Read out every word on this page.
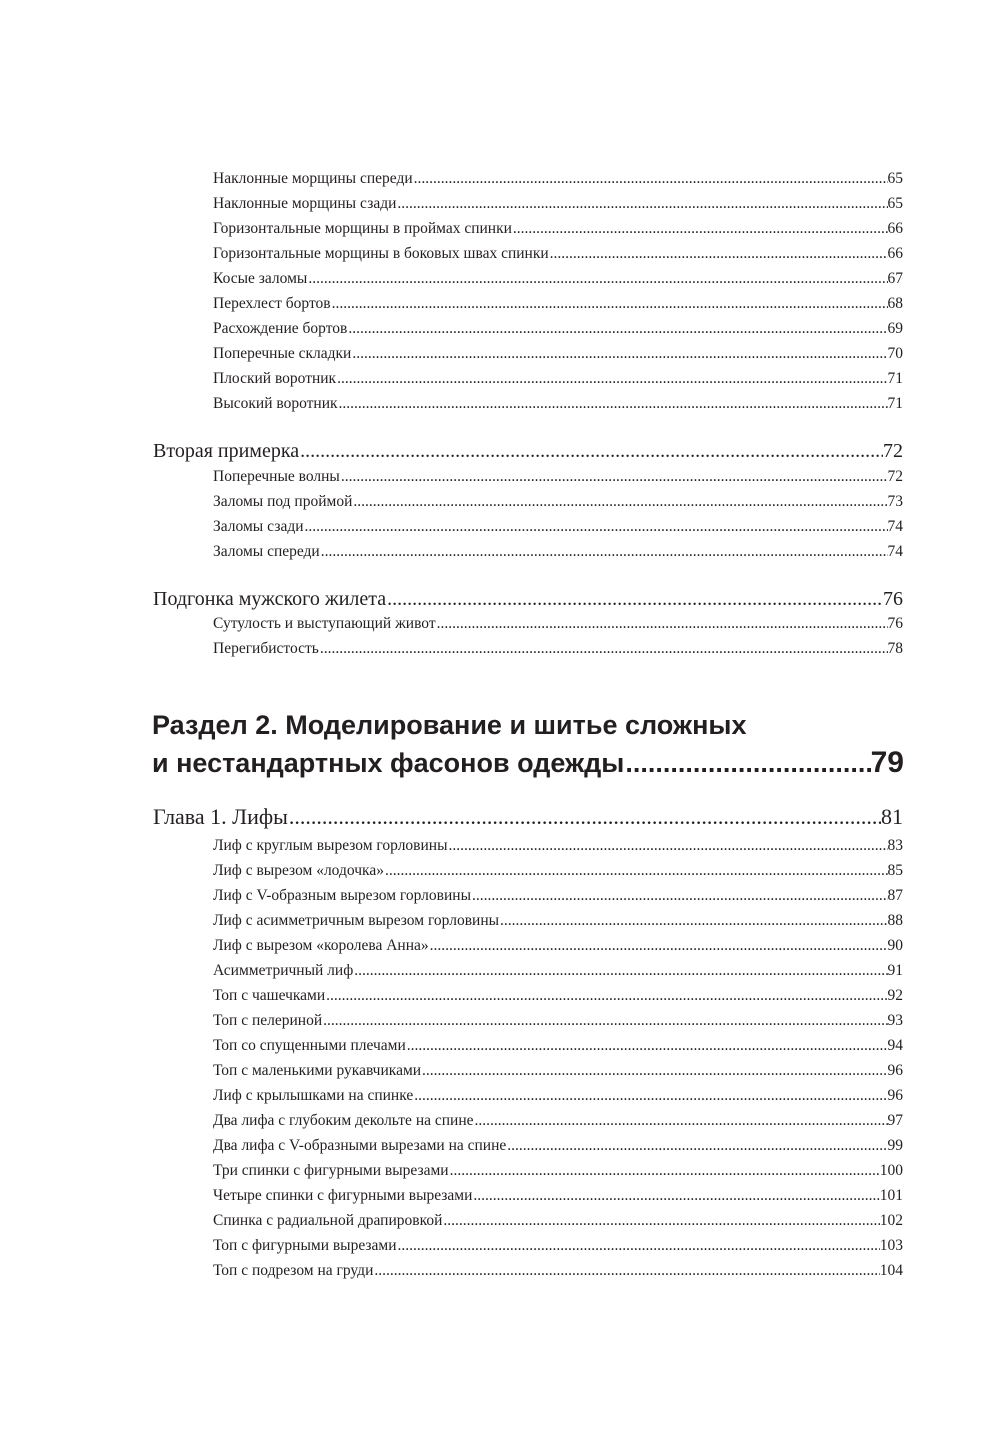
Наклонные морщины спереди .....	65
Наклонные морщины сзади .....	65
Горизонтальные морщины в проймах спинки .....	66
Горизонтальные морщины в боковых швах спинки .....	66
Косые заломы .....	67
Перехлест бортов .....	68
Расхождение бортов .....	69
Поперечные складки .....	70
Плоский воротник .....	71
Высокий воротник .....	71
Вторая примерка .....	72
Поперечные волны .....	72
Заломы под проймой .....	73
Заломы сзади .....	74
Заломы спереди .....	74
Подгонка мужского жилета .....	76
Сутулость и выступающий живот .....	76
Перегибистость .....	78
Раздел 2. Моделирование и шитье сложных
и нестандартных фасонов одежды .....	79
Глава 1. Лифы .....	81
Лиф с круглым вырезом горловины .....	83
Лиф с вырезом «лодочка» .....	85
Лиф с V-образным вырезом горловины .....	87
Лиф с асимметричным вырезом горловины .....	88
Лиф с вырезом «королева Анна» .....	90
Асимметричный лиф .....	91
Топ с чашечками .....	92
Топ с пелериной .....	93
Топ со спущенными плечами .....	94
Топ с маленькими рукавчиками .....	96
Лиф с крылышками на спинке .....	96
Два лифа с глубоким декольте на спине .....	97
Два лифа с V-образными вырезами на спине .....	99
Три спинки с фигурными вырезами .....	100
Четыре спинки с фигурными вырезами .....	101
Спинка с радиальной драпировкой .....	102
Топ с фигурными вырезами .....	103
Топ с подрезом на груди .....	104
